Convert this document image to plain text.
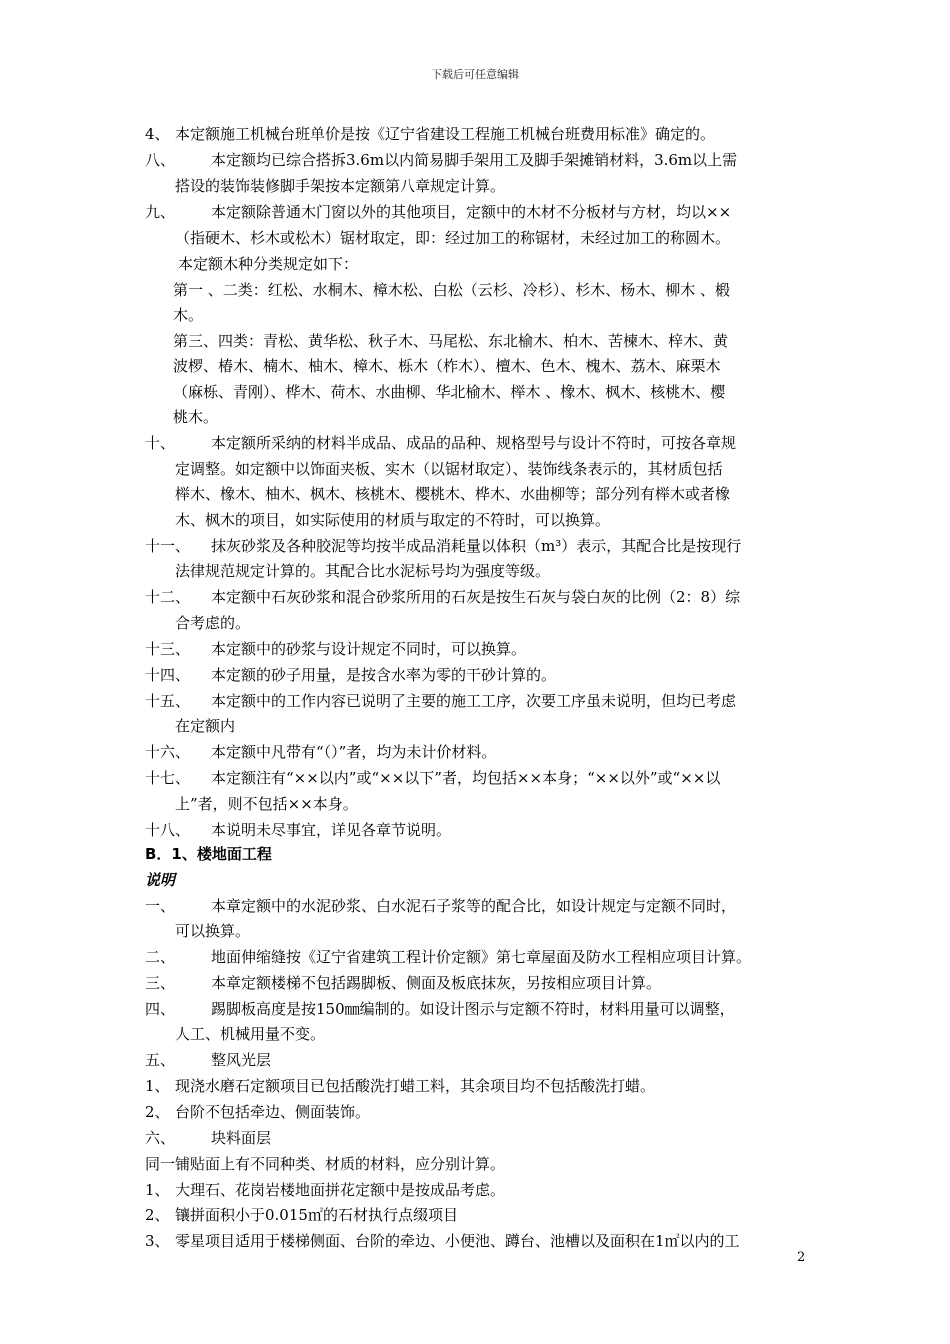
下载后可任意编辑
4、 本定额施工机械台班单价是按《辽宁省建设工程施工机械台班费用标准》确定的。
八、 本定额均已综合搭拆3.6m以内简易脚手架用工及脚手架摊销材料，3.6m以上需
搭设的装饰装修脚手架按本定额第八章规定计算。
九、 本定额除普通木门窗以外的其他项目，定额中的木材不分板材与方材，均以××
（指硬木、杉木或松木）锯材取定，即：经过加工的称锯材，未经过加工的称圆木。
本定额木种分类规定如下：
第一 、二类：红松、水桐木、樟木松、白松（云杉、冷杉）、杉木、杨木、柳木 、椴
木。
第三、四类：青松、黄华松、秋子木、马尾松、东北榆木、柏木、苦楝木、梓木、黄
波椤、椿木、楠木、柚木、樟木、栎木（柞木）、檀木、色木、槐木、荔木、麻栗木
（麻栎、青刚）、桦木、荷木、水曲柳、华北榆木、榉木 、橡木、枫木、核桃木、樱
桃木。
十、 本定额所采纳的材料半成品、成品的品种、规格型号与设计不符时，可按各章规
定调整。如定额中以饰面夹板、实木（以锯材取定）、装饰线条表示的，其材质包括
榉木、橡木、柚木、枫木、核桃木、樱桃木、桦木、水曲柳等；部分列有榉木或者橡
木、枫木的项目，如实际使用的材质与取定的不符时，可以换算。
十一、 抹灰砂浆及各种胶泥等均按半成品消耗量以体积（m³）表示，其配合比是按现行
法律规范规定计算的。其配合比水泥标号均为强度等级。
十二、 本定额中石灰砂浆和混合砂浆所用的石灰是按生石灰与袋白灰的比例（2：8）综
合考虑的。
十三、 本定额中的砂浆与设计规定不同时，可以换算。
十四、 本定额的砂子用量，是按含水率为零的干砂计算的。
十五、 本定额中的工作内容已说明了主要的施工工序，次要工序虽未说明，但均已考虑
在定额内
十六、 本定额中凡带有“（）”者，均为未计价材料。
十七、 本定额注有“××以内”或“××以下”者，均包括××本身；“××以外”或“××以
上”者，则不包括××本身。
十八、 本说明未尽事宜，详见各章节说明。
B．1、楼地面工程
说明
一、 本章定额中的水泥砂浆、白水泥石子浆等的配合比，如设计规定与定额不同时，
可以换算。
二、 地面伸缩缝按《辽宁省建筑工程计价定额》第七章屋面及防水工程相应项目计算。
三、 本章定额楼梯不包括踢脚板、侧面及板底抹灰，另按相应项目计算。
四、 踢脚板高度是按150㎜编制的。如设计图示与定额不符时，材料用量可以调整，
人工、机械用量不变。
五、 整风光层
1、 现浇水磨石定额项目已包括酸洗打蜡工料，其余项目均不包括酸洗打蜡。
2、 台阶不包括牵边、侧面装饰。
六、 块料面层
同一铺贴面上有不同种类、材质的材料，应分别计算。
1、 大理石、花岗岩楼地面拼花定额中是按成品考虑。
2、 镶拼面积小于0.015㎡的石材执行点缀项目
3、 零星项目适用于楼梯侧面、台阶的牵边、小便池、蹲台、池槽以及面积在1㎡以内的工
2
